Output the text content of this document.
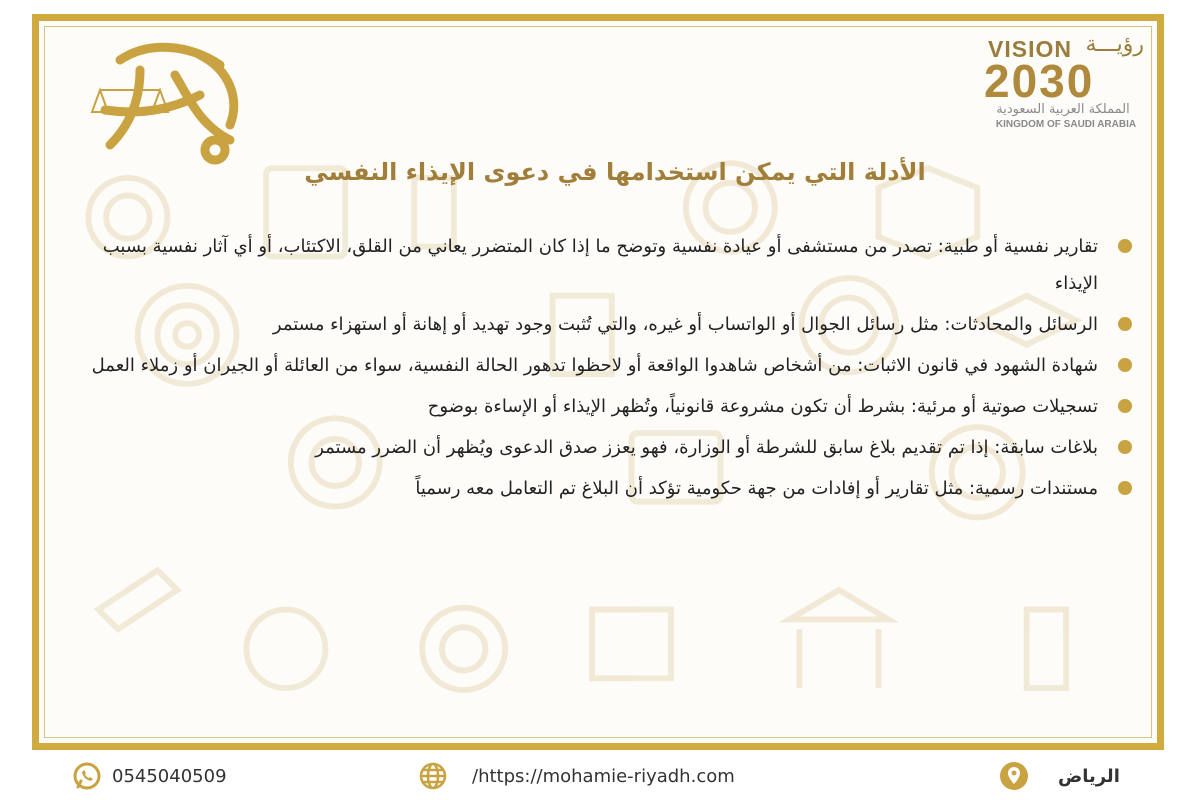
VISION رؤيـــة
2030
المملكة العربية السعودية
KINGDOM OF SAUDI ARABIA
الأدلة التي يمكن استخدامها في دعوى الإيذاء النفسي
تقارير نفسية أو طبية: تصدر من مستشفى أو عيادة نفسية وتوضح ما إذا كان المتضرر يعاني من القلق، الاكتئاب، أو أي آثار نفسية بسبب الإيذاء
الرسائل والمحادثات: مثل رسائل الجوال أو الواتساب أو غيره، والتي تُثبت وجود تهديد أو إهانة أو استهزاء مستمر
شهادة الشهود في قانون الاثبات: من أشخاص شاهدوا الواقعة أو لاحظوا تدهور الحالة النفسية، سواء من العائلة أو الجيران أو زملاء العمل
تسجيلات صوتية أو مرئية: بشرط أن تكون مشروعة قانونياً، وتُظهر الإيذاء أو الإساءة بوضوح
بلاغات سابقة: إذا تم تقديم بلاغ سابق للشرطة أو الوزارة، فهو يعزز صدق الدعوى ويُظهر أن الضرر مستمر
مستندات رسمية: مثل تقارير أو إفادات من جهة حكومية تؤكد أن البلاغ تم التعامل معه رسمياً
0545040509	/https://mohamie-riyadh.com	الرياض
